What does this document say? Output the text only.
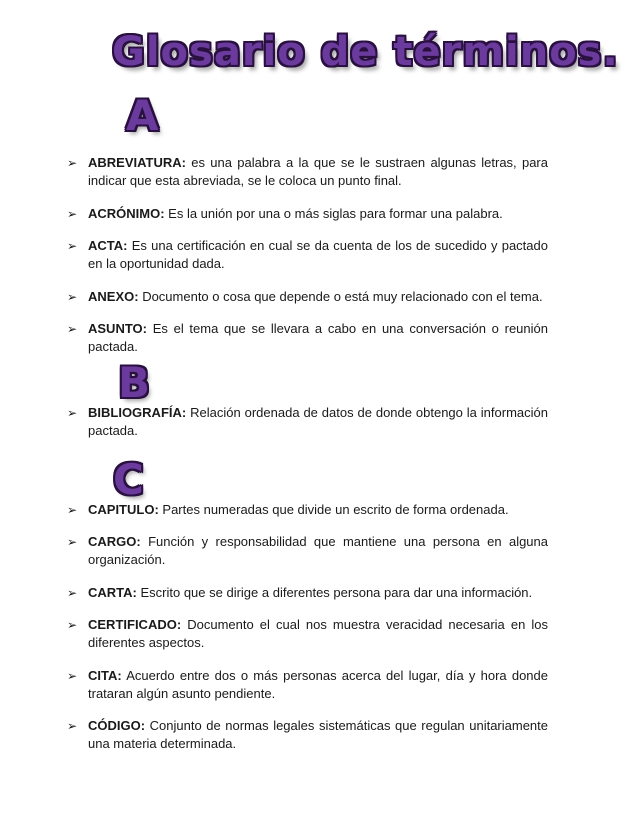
Glosario de términos.
A
➢ ABREVIATURA: es una palabra a la que se le sustraen algunas letras, para indicar que esta abreviada, se le coloca un punto final.
➢ ACRÓNIMO: Es la unión por una o más siglas para formar una palabra.
➢ ACTA: Es una certificación en cual se da cuenta de los de sucedido y pactado en la oportunidad dada.
➢ ANEXO: Documento o cosa que depende o está muy relacionado con el tema.
➢ ASUNTO: Es el tema que se llevara a cabo en una conversación o reunión pactada.
B
➢ BIBLIOGRAFÍA: Relación ordenada de datos de donde obtengo la información pactada.
C
➢ CAPITULO: Partes numeradas que divide un escrito de forma ordenada.
➢ CARGO: Función y responsabilidad que mantiene una persona en alguna organización.
➢ CARTA: Escrito que se dirige a diferentes persona para dar una información.
➢ CERTIFICADO: Documento el cual nos muestra veracidad necesaria en los diferentes aspectos.
➢ CITA: Acuerdo entre dos o más personas acerca del lugar, día y hora donde trataran algún asunto pendiente.
➢ CÓDIGO: Conjunto de normas legales sistemáticas que regulan unitariamente una materia determinada.
